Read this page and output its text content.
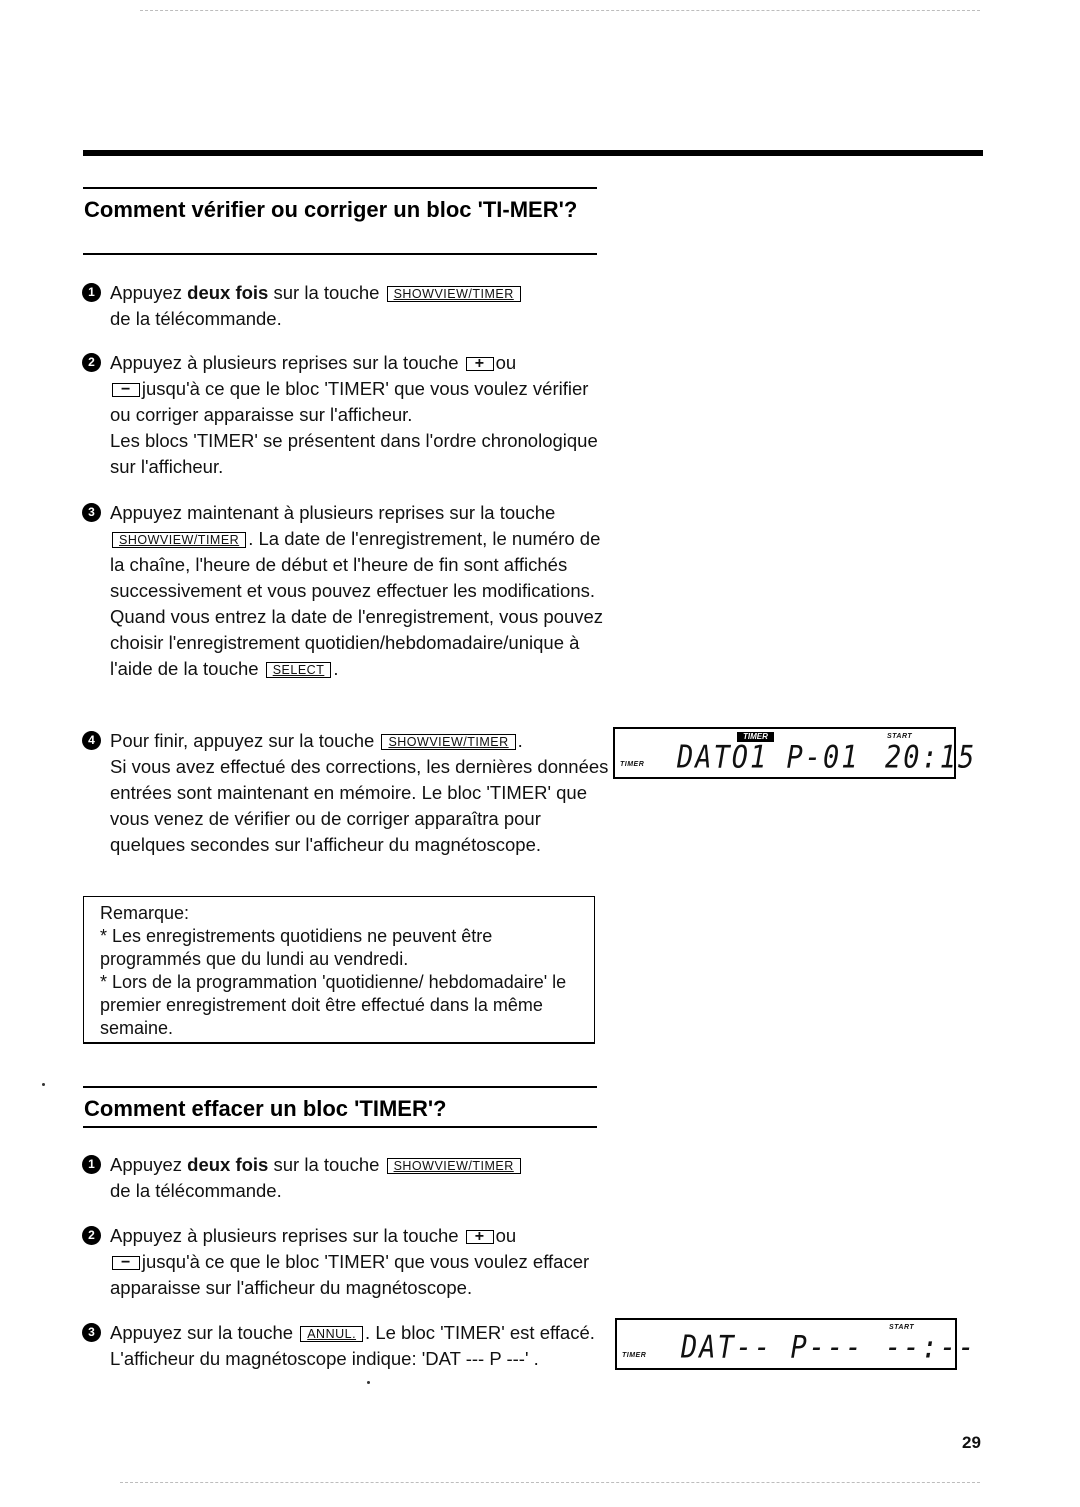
Comment vérifier ou corriger un bloc 'TI-MER'?
1 Appuyez deux fois sur la touche SHOWVIEW/TIMER
de la télécommande.
2 Appuyez à plusieurs reprises sur la touche + ou
− jusqu'à ce que le bloc 'TIMER' que vous voulez vérifier ou corriger apparaisse sur l'afficheur.
Les blocs 'TIMER' se présentent dans l'ordre chronologique sur l'afficheur.
3 Appuyez maintenant à plusieurs reprises sur la touche SHOWVIEW/TIMER . La date de l'enregistrement, le numéro de la chaîne, l'heure de début et l'heure de fin sont affichés successivement et vous pouvez effectuer les modifications.
Quand vous entrez la date de l'enregistrement, vous pouvez choisir l'enregistrement quotidien/hebdomadaire/unique à l'aide de la touche SELECT .
4 Pour finir, appuyez sur la touche SHOWVIEW/TIMER .
Si vous avez effectué des corrections, les dernières données entrées sont maintenant en mémoire. Le bloc 'TIMER' que vous venez de vérifier ou de corriger apparaîtra pour quelques secondes sur l'afficheur du magnétoscope.

Remarque:

* Les enregistrements quotidiens ne peuvent être programmés que du lundi au vendredi.

* Lors de la programmation 'quotidienne/ hebdomadaire' le premier enregistrement doit être effectué dans la même semaine.

TIMER	START
TIMER DATO1 P-01 20:15
Comment effacer un bloc 'TIMER'?
1 Appuyez deux fois sur la touche SHOWVIEW/TIMER
de la télécommande.
2 Appuyez à plusieurs reprises sur la touche + ou
− jusqu'à ce que le bloc 'TIMER' que vous voulez effacer apparaisse sur l'afficheur du magnétoscope.
3 Appuyez sur la touche ANNUL. . Le bloc 'TIMER' est effacé. L'afficheur du magnétoscope indique: 'DAT --- P ---' .
START
TIMER DAT-- P--- --:--
29
